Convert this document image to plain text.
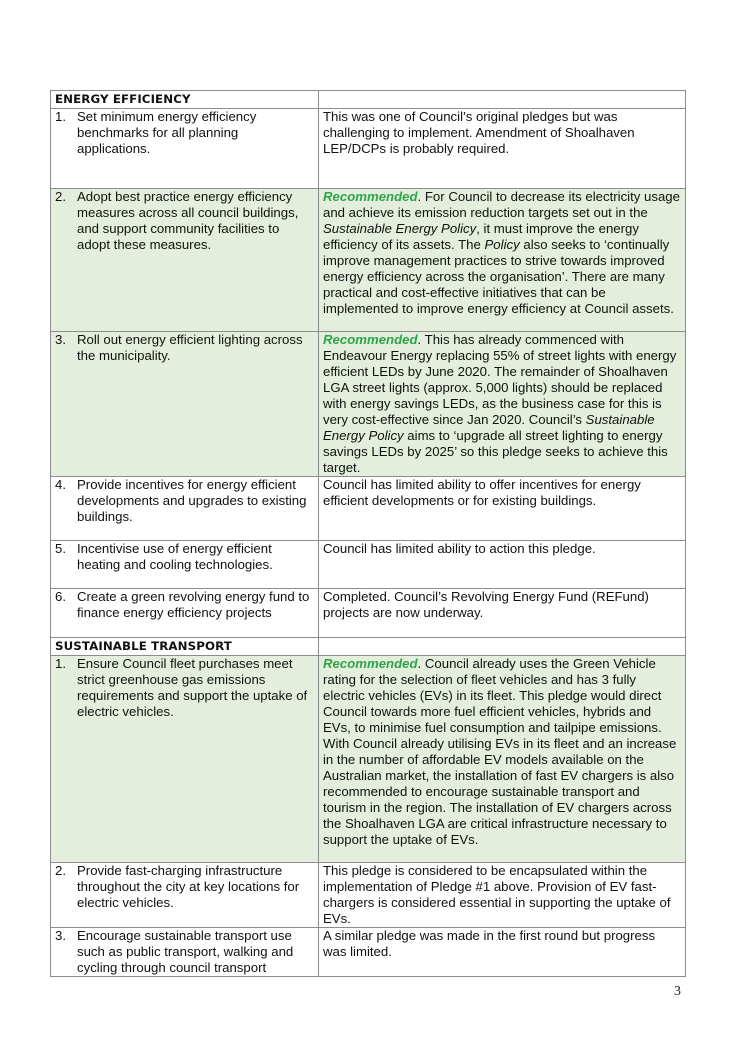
ENERGY EFFICIENCY	

1. Set minimum energy efficiency benchmarks for all planning applications.	This was one of Council’s original pledges but was challenging to implement. Amendment of Shoalhaven LEP/DCPs is probably required.

2. Adopt best practice energy efficiency measures across all council buildings, and support community facilities to adopt these measures.	Recommended. For Council to decrease its electricity usage and achieve its emission reduction targets set out in the Sustainable Energy Policy, it must improve the energy efficiency of its assets. The Policy also seeks to ‘continually improve management practices to strive towards improved energy efficiency across the organisation’. There are many practical and cost-effective initiatives that can be implemented to improve energy efficiency at Council assets.

3. Roll out energy efficient lighting across the municipality.	Recommended. This has already commenced with Endeavour Energy replacing 55% of street lights with energy efficient LEDs by June 2020. The remainder of Shoalhaven LGA street lights (approx. 5,000 lights) should be replaced with energy savings LEDs, as the business case for this is very cost-effective since Jan 2020. Council’s Sustainable Energy Policy aims to ‘upgrade all street lighting to energy savings LEDs by 2025’ so this pledge seeks to achieve this target.

4. Provide incentives for energy efficient developments and upgrades to existing buildings.	Council has limited ability to offer incentives for energy efficient developments or for existing buildings.

5. Incentivise use of energy efficient heating and cooling technologies.	Council has limited ability to action this pledge.

6. Create a green revolving energy fund to finance energy efficiency projects	Completed. Council’s Revolving Energy Fund (REFund) projects are now underway.
SUSTAINABLE TRANSPORT	

1. Ensure Council fleet purchases meet strict greenhouse gas emissions requirements and support the uptake of electric vehicles.	Recommended. Council already uses the Green Vehicle rating for the selection of fleet vehicles and has 3 fully electric vehicles (EVs) in its fleet. This pledge would direct Council towards more fuel efficient vehicles, hybrids and EVs, to minimise fuel consumption and tailpipe emissions.
With Council already utilising EVs in its fleet and an increase in the number of affordable EV models available on the Australian market, the installation of fast EV chargers is also recommended to encourage sustainable transport and tourism in the region. The installation of EV chargers across the Shoalhaven LGA are critical infrastructure necessary to support the uptake of EVs.

2. Provide fast-charging infrastructure throughout the city at key locations for electric vehicles.	This pledge is considered to be encapsulated within the implementation of Pledge #1 above. Provision of EV fast-chargers is considered essential in supporting the uptake of EVs.

3. Encourage sustainable transport use such as public transport, walking and cycling through council transport	A similar pledge was made in the first round but progress was limited.
3
